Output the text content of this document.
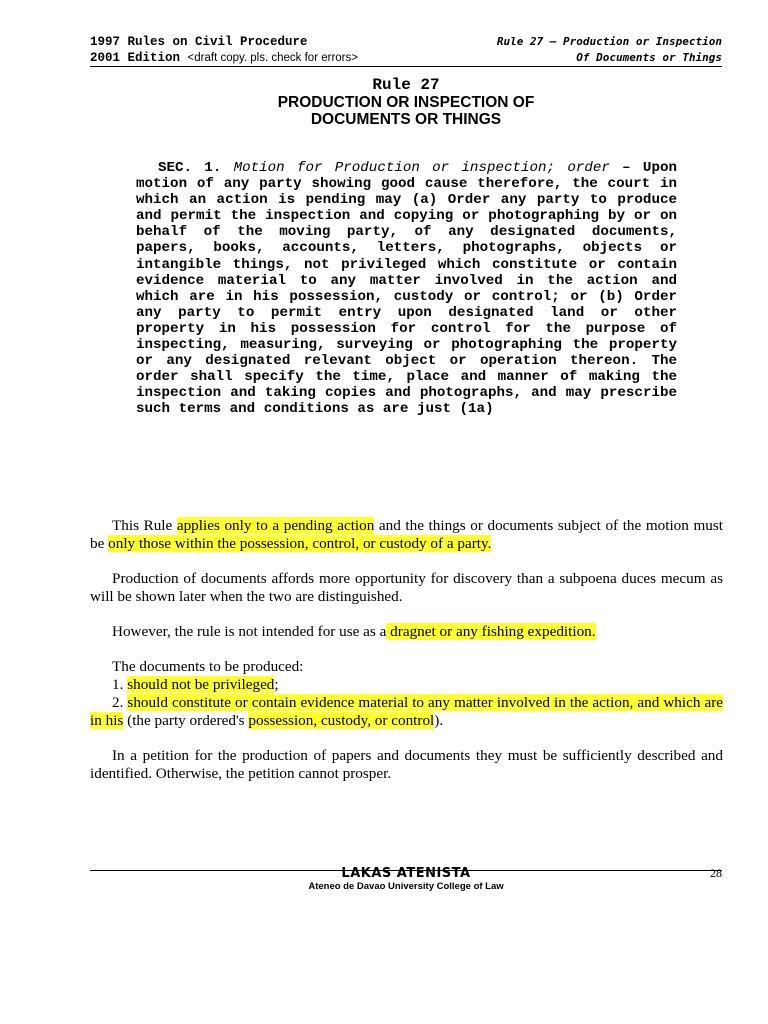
1997 Rules on Civil Procedure	Rule 27 – Production or Inspection
2001 Edition <draft copy. pls. check for errors>	Of Documents or Things
Rule 27
PRODUCTION OR INSPECTION OF
DOCUMENTS OR THINGS
SEC. 1. Motion for Production or inspection; order – Upon motion of any party showing good cause therefore, the court in which an action is pending may (a) Order any party to produce and permit the inspection and copying or photographing by or on behalf of the moving party, of any designated documents, papers, books, accounts, letters, photographs, objects or intangible things, not privileged which constitute or contain evidence material to any matter involved in the action and which are in his possession, custody or control; or (b) Order any party to permit entry upon designated land or other property in his possession for control for the purpose of inspecting, measuring, surveying or photographing the property or any designated relevant object or operation thereon. The order shall specify the time, place and manner of making the inspection and taking copies and photographs, and may prescribe such terms and conditions as are just (1a)

This Rule applies only to a pending action and the things or documents subject of the motion must be only those within the possession, control, or custody of a party.

Production of documents affords more opportunity for discovery than a subpoena duces mecum as will be shown later when the two are distinguished.

However, the rule is not intended for use as a dragnet or any fishing expedition.

The documents to be produced:

1. should not be privileged;

2. should constitute or contain evidence material to any matter involved in the action, and which are in his (the party ordered's possession, custody, or control).

In a petition for the production of papers and documents they must be sufficiently described and identified. Otherwise, the petition cannot prosper.

LAKAS ATENISTA
Ateneo de Davao University College of Law
28
